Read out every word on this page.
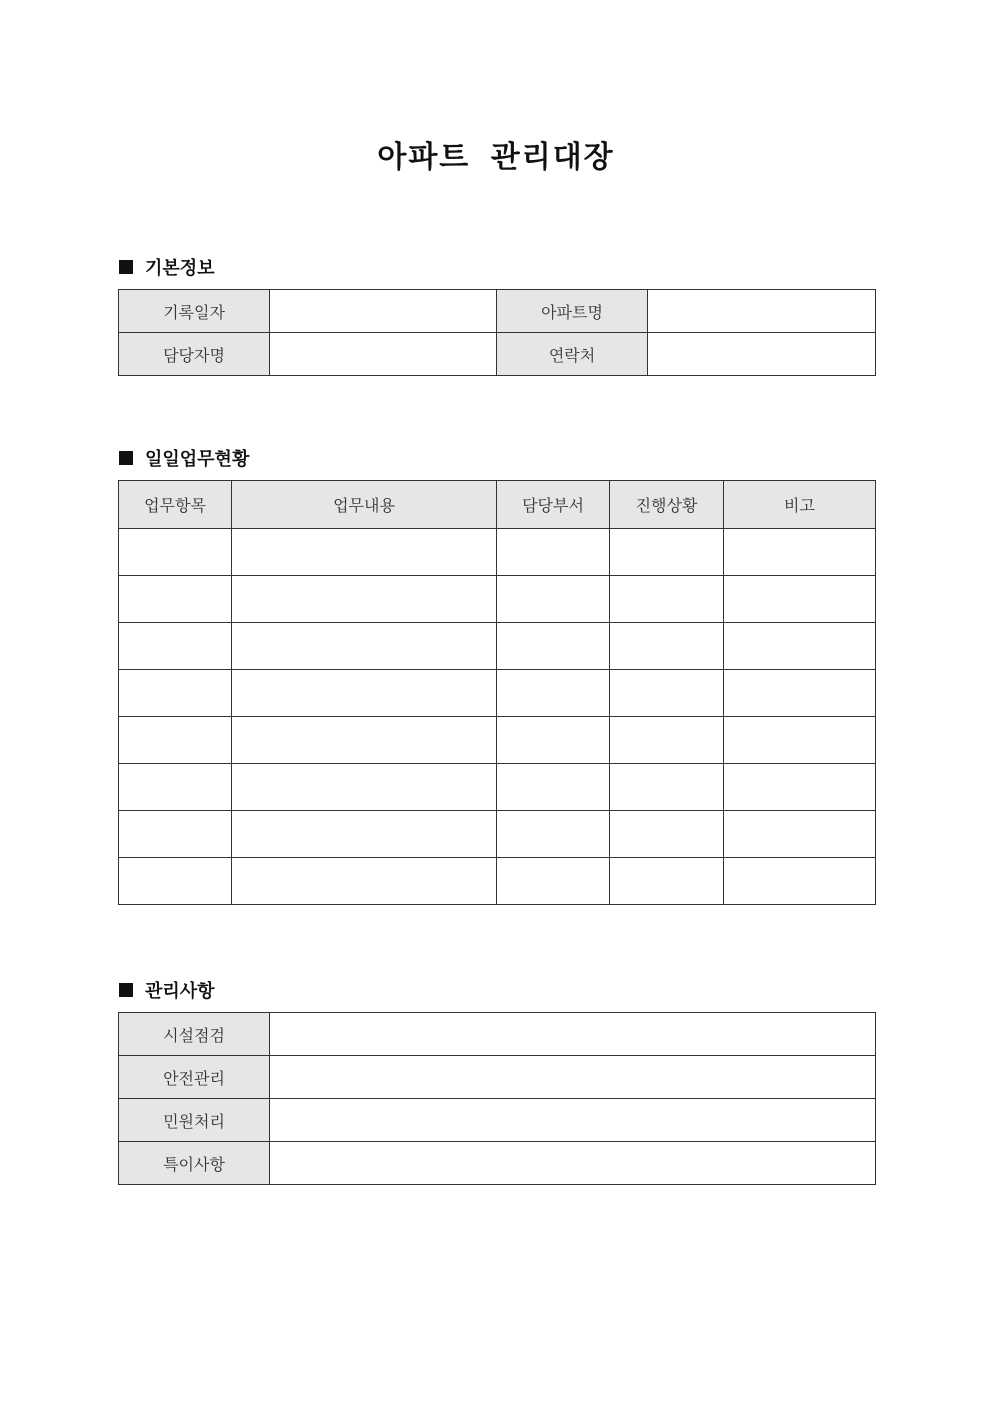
아파트 관리대장
기본정보
기록일자		아파트명	
담당자명		연락처	
일일업무현황
업무항목	업무내용	담당부서	진행상황	비고

관리사항
시설점검	
안전관리	
민원처리	
특이사항	
